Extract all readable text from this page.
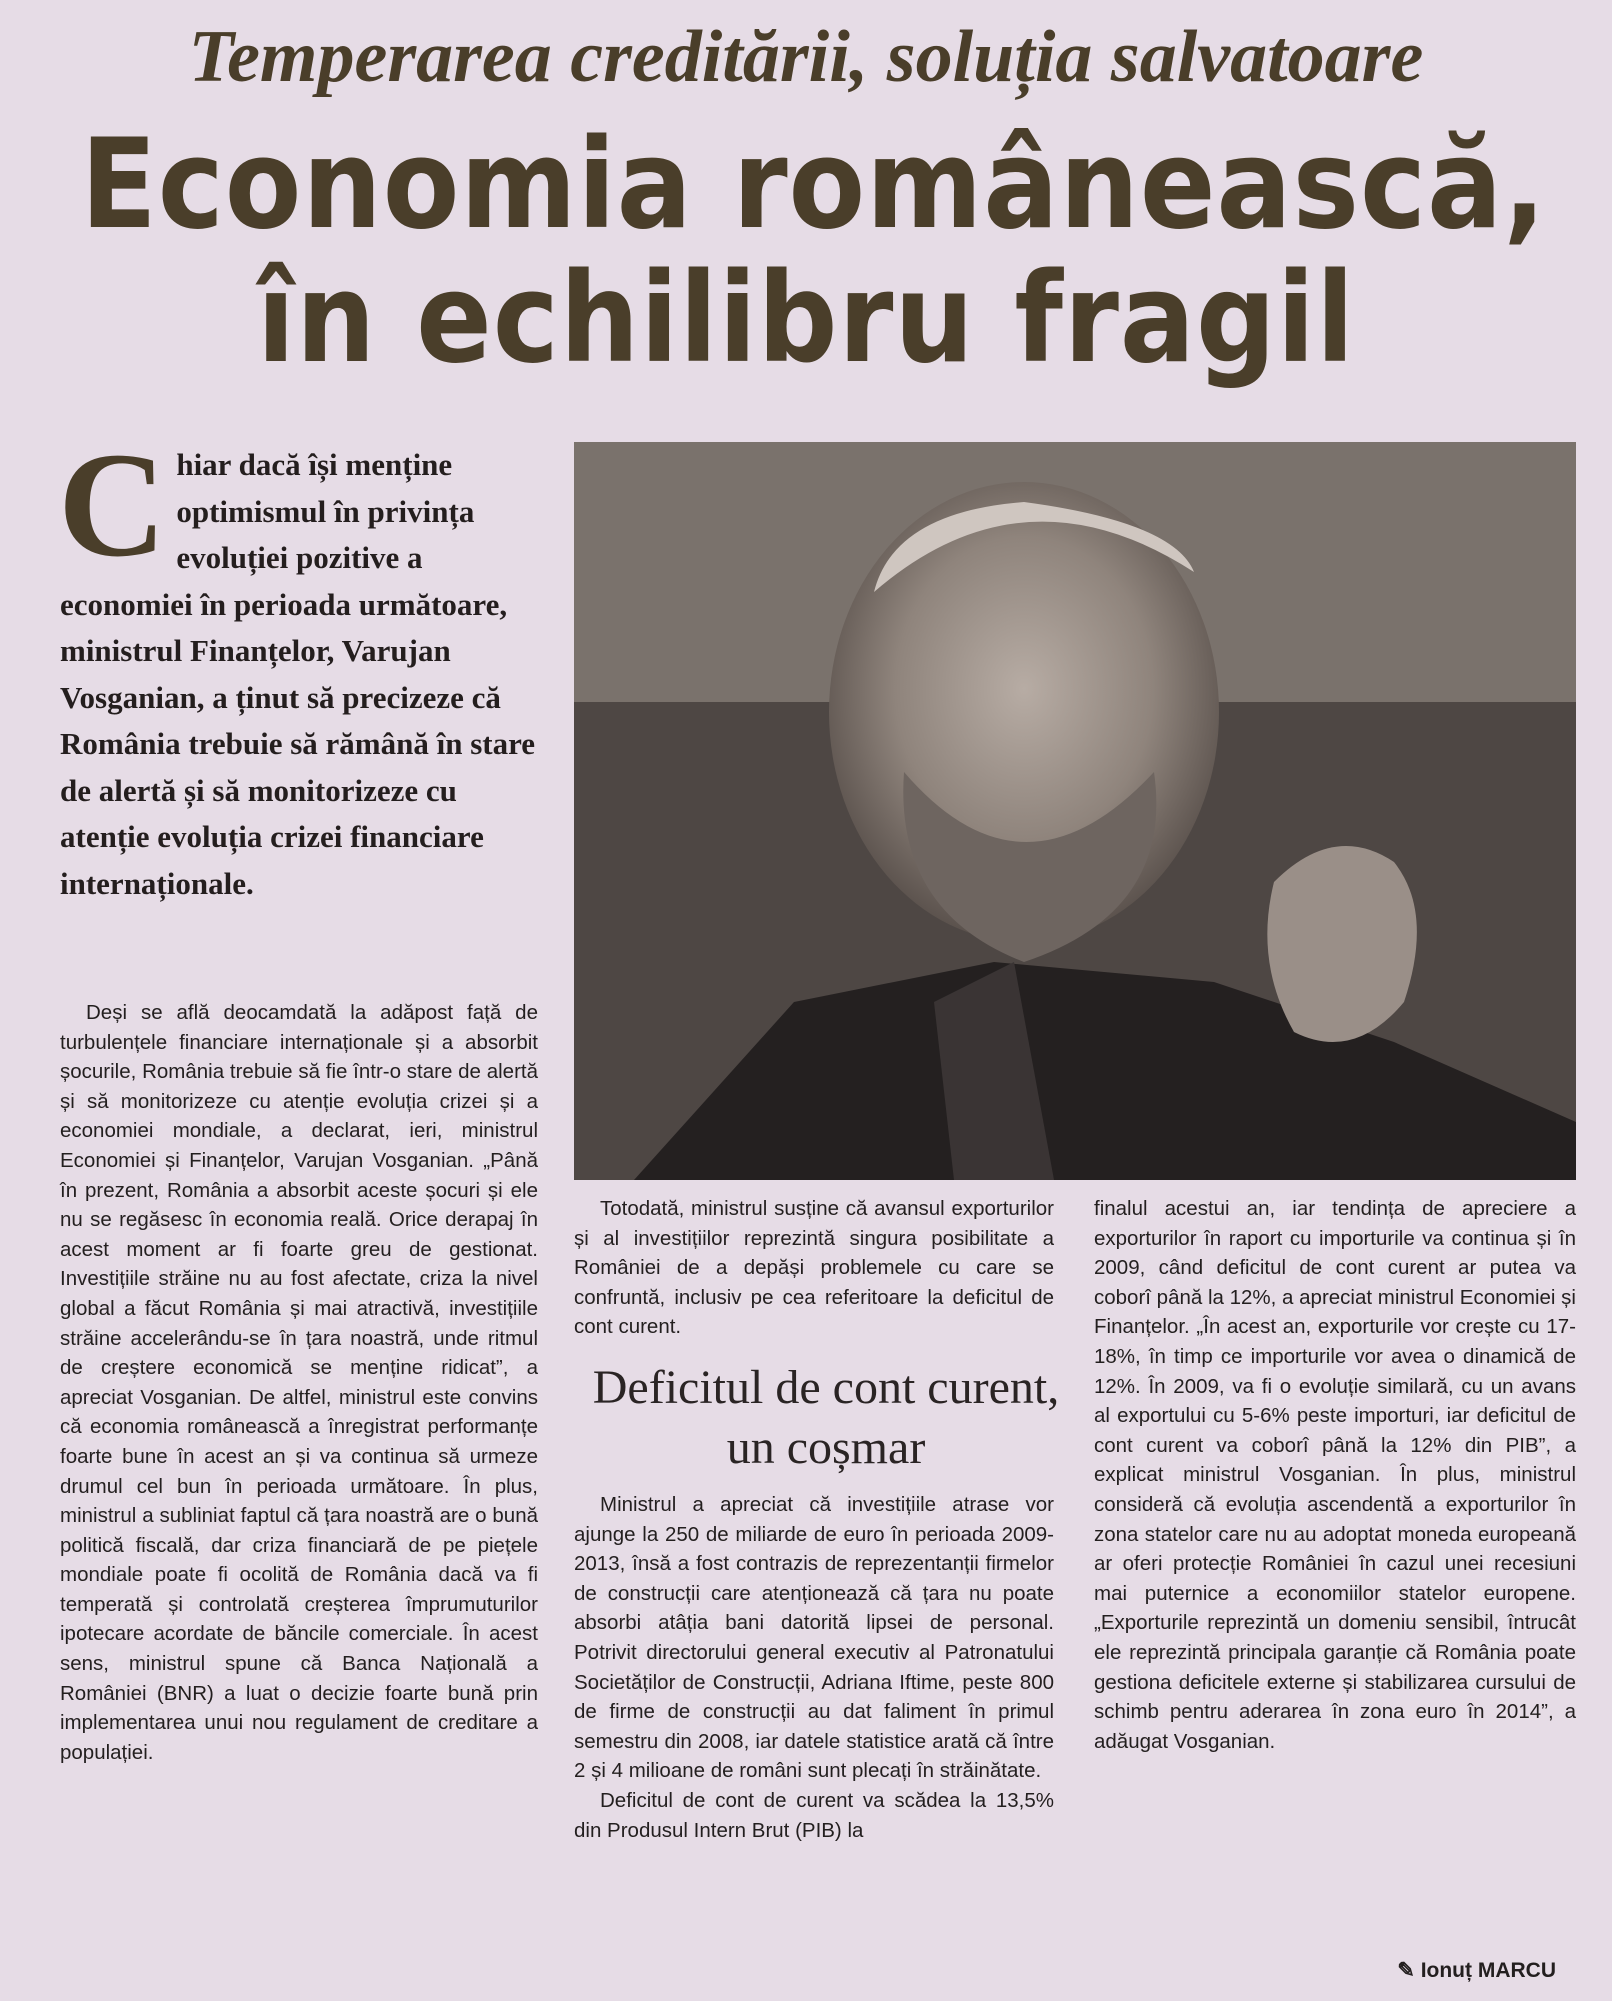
Temperarea creditării, soluția salvatoare
Economia românească,
în echilibru fragil
Chiar dacă își menține optimismul în privința evoluției pozitive a economiei în perioada următoare, ministrul Finanțelor, Varujan Vosganian, a ținut să precizeze că România trebuie să rămână în stare de alertă și să monitorizeze cu atenție evoluția crizei financiare internaționale.

Deși se află deocamdată la adăpost față de turbulențele financiare internaționale și a absorbit șocurile, România trebuie să fie într-o stare de alertă și să monitorizeze cu atenție evoluția crizei și a economiei mondiale, a declarat, ieri, ministrul Economiei și Finanțelor, Varujan Vosganian. „Până în prezent, România a absorbit aceste șocuri și ele nu se regăsesc în economia reală. Orice derapaj în acest moment ar fi foarte greu de gestionat. Investițiile străine nu au fost afectate, criza la nivel global a făcut România și mai atractivă, investițiile străine accelerându-se în țara noastră, unde ritmul de creștere economică se menține ridicat”, a apreciat Vosganian. De altfel, ministrul este convins că economia românească a înregistrat performanțe foarte bune în acest an și va continua să urmeze drumul cel bun în perioada următoare. În plus, ministrul a subliniat faptul că țara noastră are o bună politică fiscală, dar criza financiară de pe piețele mondiale poate fi ocolită de România dacă va fi temperată și controlată creșterea împrumuturilor ipotecare acordate de băncile comerciale. În acest sens, ministrul spune că Banca Națională a României (BNR) a luat o decizie foarte bună prin implementarea unui nou regulament de creditare a populației.

Totodată, ministrul susține că avansul exporturilor și al investițiilor reprezintă singura posibilitate a României de a depăși problemele cu care se confruntă, inclusiv pe cea referitoare la deficitul de cont curent.

Deficitul de cont curent, un coșmar

Ministrul a apreciat că investițiile atrase vor ajunge la 250 de miliarde de euro în perioada 2009-2013, însă a fost contrazis de reprezentanții firmelor de construcții care atenționează că țara nu poate absorbi atâția bani datorită lipsei de personal. Potrivit directorului general executiv al Patronatului Societăților de Construcții, Adriana Iftime, peste 800 de firme de construcții au dat faliment în primul semestru din 2008, iar datele statistice arată că între 2 și 4 milioane de români sunt plecați în străinătate.

Deficitul de cont de curent va scădea la 13,5% din Produsul Intern Brut (PIB) la

finalul acestui an, iar tendința de apreciere a exporturilor în raport cu importurile va continua și în 2009, când deficitul de cont curent ar putea va coborî până la 12%, a apreciat ministrul Economiei și Finanțelor. „În acest an, exporturile vor crește cu 17-18%, în timp ce importurile vor avea o dinamică de 12%. În 2009, va fi o evoluție similară, cu un avans al exportului cu 5-6% peste importuri, iar deficitul de cont curent va coborî până la 12% din PIB”, a explicat ministrul Vosganian. În plus, ministrul consideră că evoluția ascendentă a exporturilor în zona statelor care nu au adoptat moneda europeană ar oferi protecție României în cazul unei recesiuni mai puternice a economiilor statelor europene. „Exporturile reprezintă un domeniu sensibil, întrucât ele reprezintă principala garanție că România poate gestiona deficitele externe și stabilizarea cursului de schimb pentru aderarea în zona euro în 2014”, a adăugat Vosganian.

✎ Ionuț MARCU
